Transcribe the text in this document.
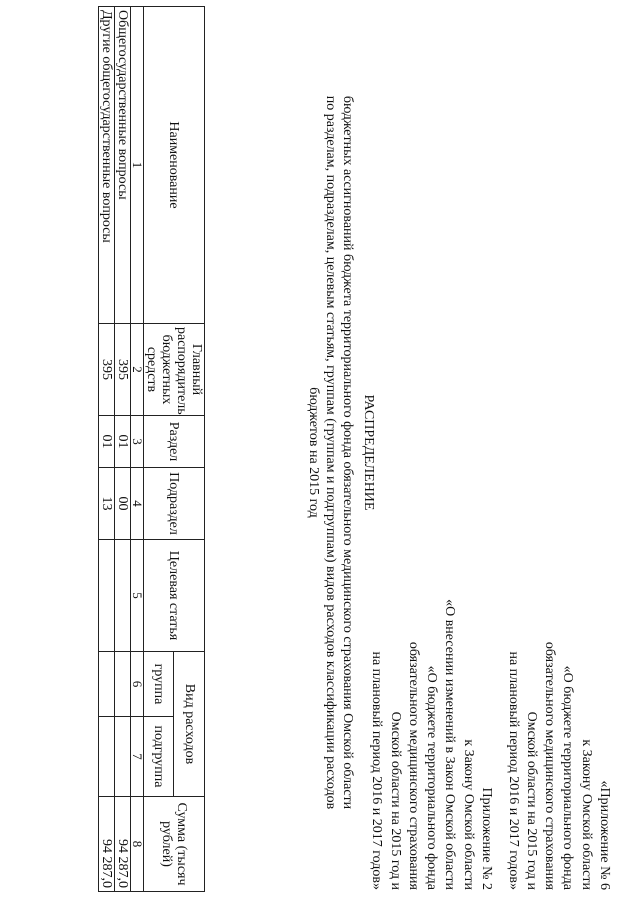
Приложение № 2
к Закону Омской области
«О внесении изменений в Закон Омской области
«О бюджете территориального фонда
обязательного медицинского страхования
Омской области на 2015 год и
на плановый период 2016 и 2017 годов»	«Приложение № 6
к Закону Омской области
«О бюджете территориального фонда
обязательного медицинского страхования
Омской области на 2015 год и
на плановый период 2016 и 2017 годов»
РАСПРЕДЕЛЕНИЕ
бюджетных ассигнований бюджета территориального фонда обязательного медицинского страхования Омской области
по разделам, подразделам, целевым статьям, группам (группам и подгруппам) видов расходов классификации расходов
бюджетов на 2015 год
Наименование	Главный распорядитель бюджетных средств	Раздел	Подраздел	Целевая статья	Вид расходов		Сумма (тысяч рублей)
					группа	подгруппа	
1	2	3	4	5	6	7	8
Общегосударственные вопросы	395	01	00				94 287,0
Другие общегосударственные вопросы	395	01	13				94 287,0
